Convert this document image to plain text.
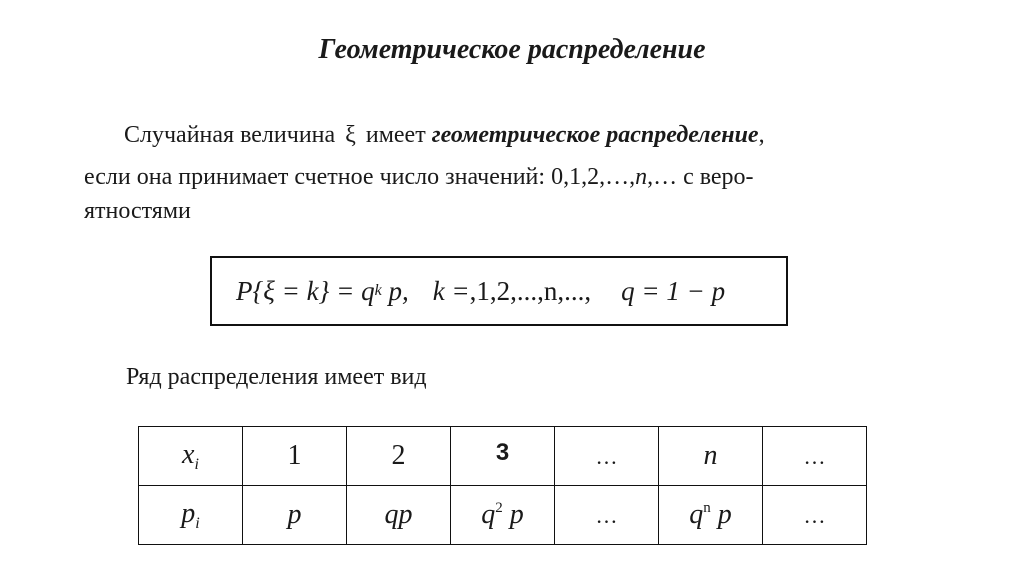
Геометрическое распределение
Случайная величина ξ имеет геометрическое распределение,
если она принимает счетное число значений: 0,1,2,…,n,… с веро-
ятностями
P{ξ = k} = q k
p, k = ,1,2,...,n,..., q = 1 − p
Ряд распределения имеет вид
$x_i$	1	2	3	…	n	…
$p_i$	p	qp	$q^2$ p	…	$q^n$ p	…
